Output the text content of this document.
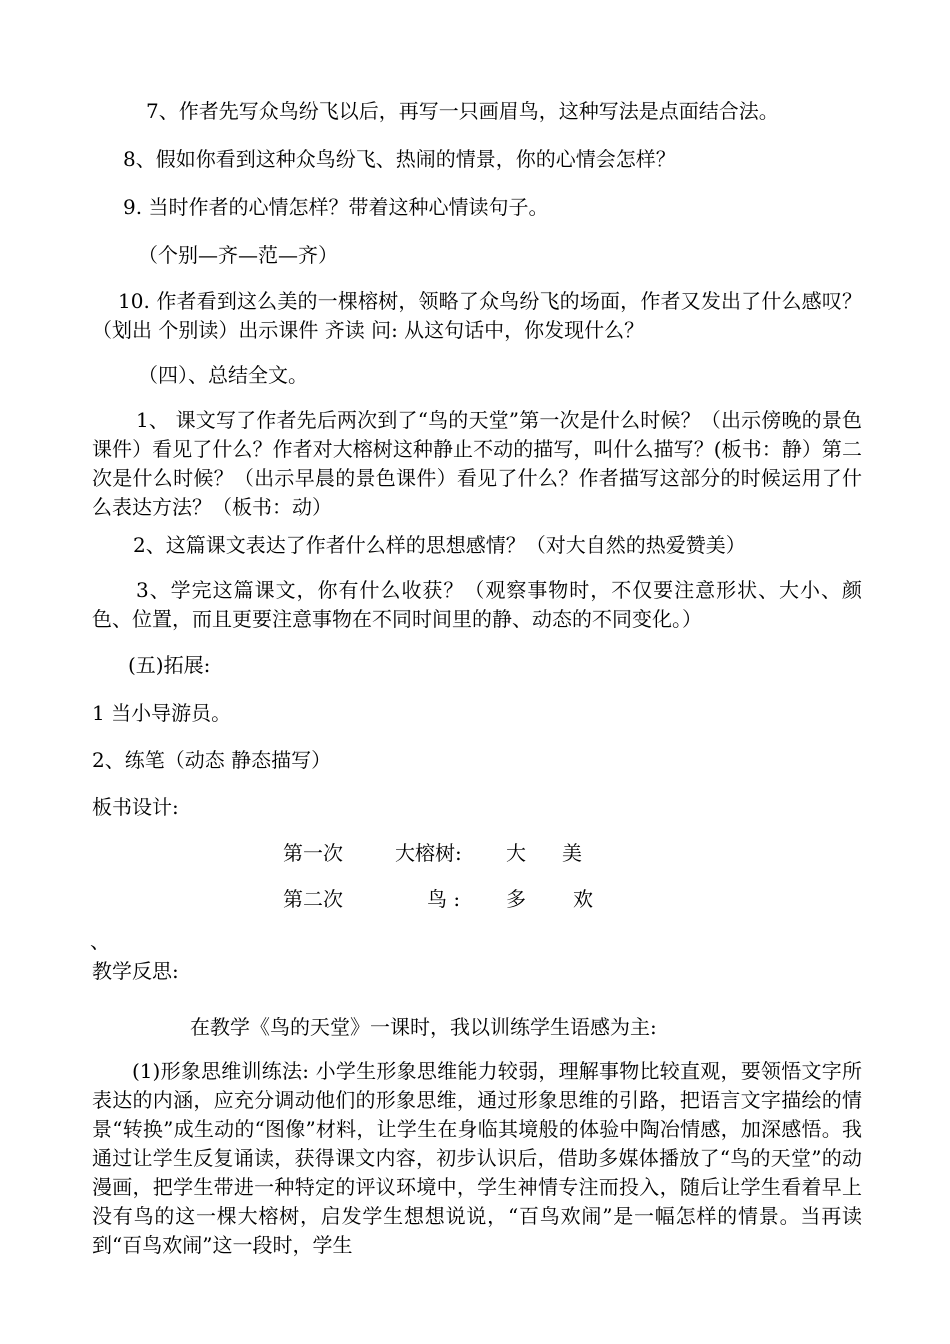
7、作者先写众鸟纷飞以后，再写一只画眉鸟，这种写法是点面结合法。

8、假如你看到这种众鸟纷飞、热闹的情景，你的心情会怎样？

9. 当时作者的心情怎样？带着这种心情读句子。

（个别—齐—范—齐）

10. 作者看到这么美的一棵榕树，领略了众鸟纷飞的场面，作者又发出了什么感叹？（划出 个别读）出示课件 齐读 问: 从这句话中，你发现什么？

（四）、总结全文。

1、 课文写了作者先后两次到了“鸟的天堂”第一次是什么时候？（出示傍晚的景色课件）看见了什么？作者对大榕树这种静止不动的描写，叫什么描写？(板书：静）第二次是什么时候？（出示早晨的景色课件）看见了什么？作者描写这部分的时候运用了什么表达方法？（板书：动）

2、这篇课文表达了作者什么样的思想感情？（对大自然的热爱赞美）

3、学完这篇课文，你有什么收获？（观察事物时，不仅要注意形状、大小、颜色、位置，而且更要注意事物在不同时间里的静、动态的不同变化。）

(五)拓展:

1 当小导游员。

2、练笔（动态 静态描写）

板书设计:

第一次	大榕树: 大 美
第二次	鸟 : 多 欢
、

教学反思:

在教学《鸟的天堂》一课时，我以训练学生语感为主:

(1)形象思维训练法: 小学生形象思维能力较弱，理解事物比较直观，要领悟文字所表达的内涵，应充分调动他们的形象思维，通过形象思维的引路，把语言文字描绘的情景“转换”成生动的“图像”材料，让学生在身临其境般的体验中陶冶情感，加深感悟。我通过让学生反复诵读，获得课文内容，初步认识后，借助多媒体播放了“鸟的天堂”的动漫画，把学生带进一种特定的评议环境中，学生神情专注而投入，随后让学生看着早上没有鸟的这一棵大榕树，启发学生想想说说，“百鸟欢闹”是一幅怎样的情景。当再读到“百鸟欢闹”这一段时，学生
